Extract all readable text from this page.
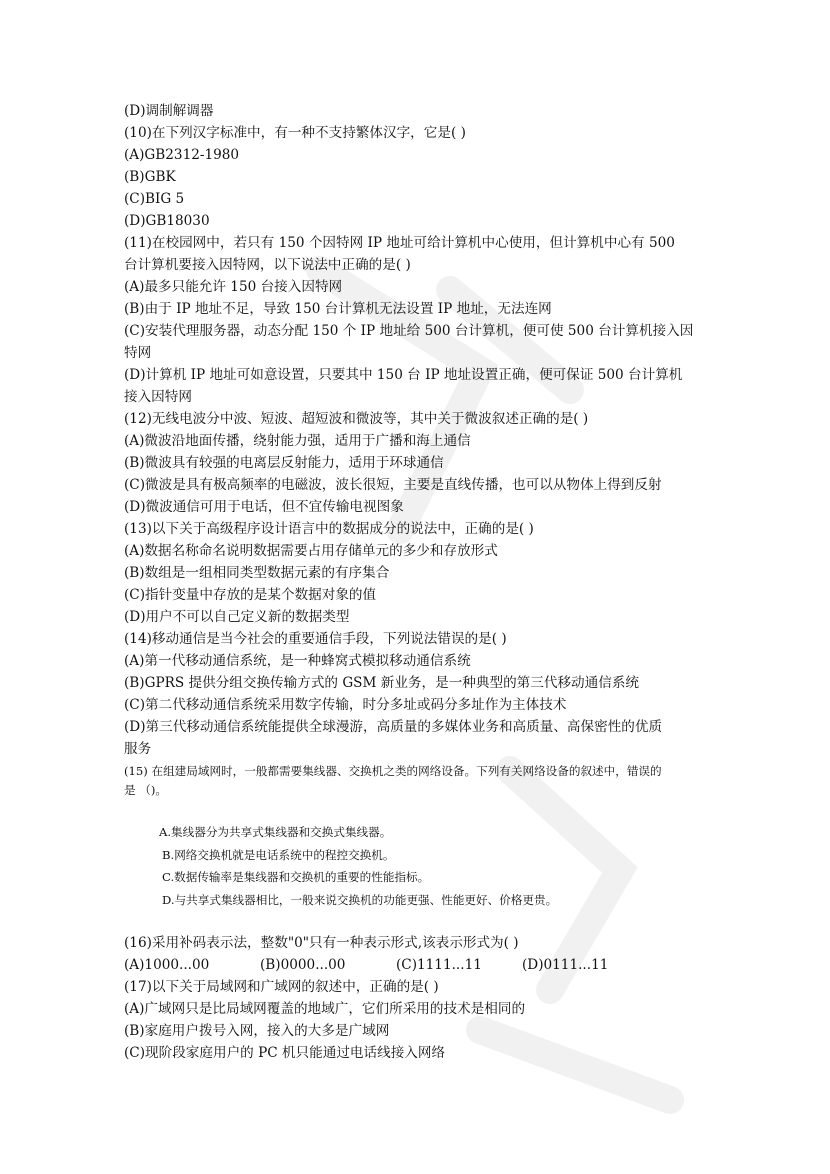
(D)调制解调器

(10)在下列汉字标准中，有一种不支持繁体汉字，它是( )

(A)GB2312-1980

(B)GBK

(C)BIG 5

(D)GB18030

(11)在校园网中，若只有 150 个因特网 IP 地址可给计算机中心使用，但计算机中心有 500

台计算机要接入因特网，以下说法中正确的是( )

(A)最多只能允许 150 台接入因特网

(B)由于 IP 地址不足，导致 150 台计算机无法设置 IP 地址，无法连网

(C)安装代理服务器，动态分配 150 个 IP 地址给 500 台计算机，便可使 500 台计算机接入因

特网

(D)计算机 IP 地址可如意设置，只要其中 150 台 IP 地址设置正确，便可保证 500 台计算机

接入因特网

(12)无线电波分中波、短波、超短波和微波等，其中关于微波叙述正确的是( )

(A)微波沿地面传播，绕射能力强，适用于广播和海上通信

(B)微波具有较强的电离层反射能力，适用于环球通信

(C)微波是具有极高频率的电磁波，波长很短，主要是直线传播，也可以从物体上得到反射

(D)微波通信可用于电话，但不宜传输电视图象

(13)以下关于高级程序设计语言中的数据成分的说法中，正确的是( )

(A)数据名称命名说明数据需要占用存储单元的多少和存放形式

(B)数组是一组相同类型数据元素的有序集合

(C)指针变量中存放的是某个数据对象的值

(D)用户不可以自己定义新的数据类型

(14)移动通信是当今社会的重要通信手段，下列说法错误的是( )

(A)第一代移动通信系统，是一种蜂窝式模拟移动通信系统

(B)GPRS 提供分组交换传输方式的 GSM 新业务，是一种典型的第三代移动通信系统

(C)第二代移动通信系统采用数字传输，时分多址或码分多址作为主体技术

(D)第三代移动通信系统能提供全球漫游，高质量的多媒体业务和高质量、高保密性的优质

服务

(15) 在组建局域网时，一般都需要集线器、交换机之类的网络设备。下列有关网络设备的叙述中，错误的

是 （)。

A.集线器分为共享式集线器和交换式集线器。

B.网络交换机就是电话系统中的程控交换机。

C.数据传输率是集线器和交换机的重要的性能指标。

D.与共享式集线器相比，一般来说交换机的功能更强、性能更好、价格更贵。

(16)采用补码表示法，整数"0"只有一种表示形式,该表示形式为( )

(A)1000...00	(B)0000...00	(C)1111...11	(D)0111...11

(17)以下关于局域网和广域网的叙述中，正确的是( )

(A)广域网只是比局域网覆盖的地域广，它们所采用的技术是相同的

(B)家庭用户拨号入网，接入的大多是广域网

(C)现阶段家庭用户的 PC 机只能通过电话线接入网络
